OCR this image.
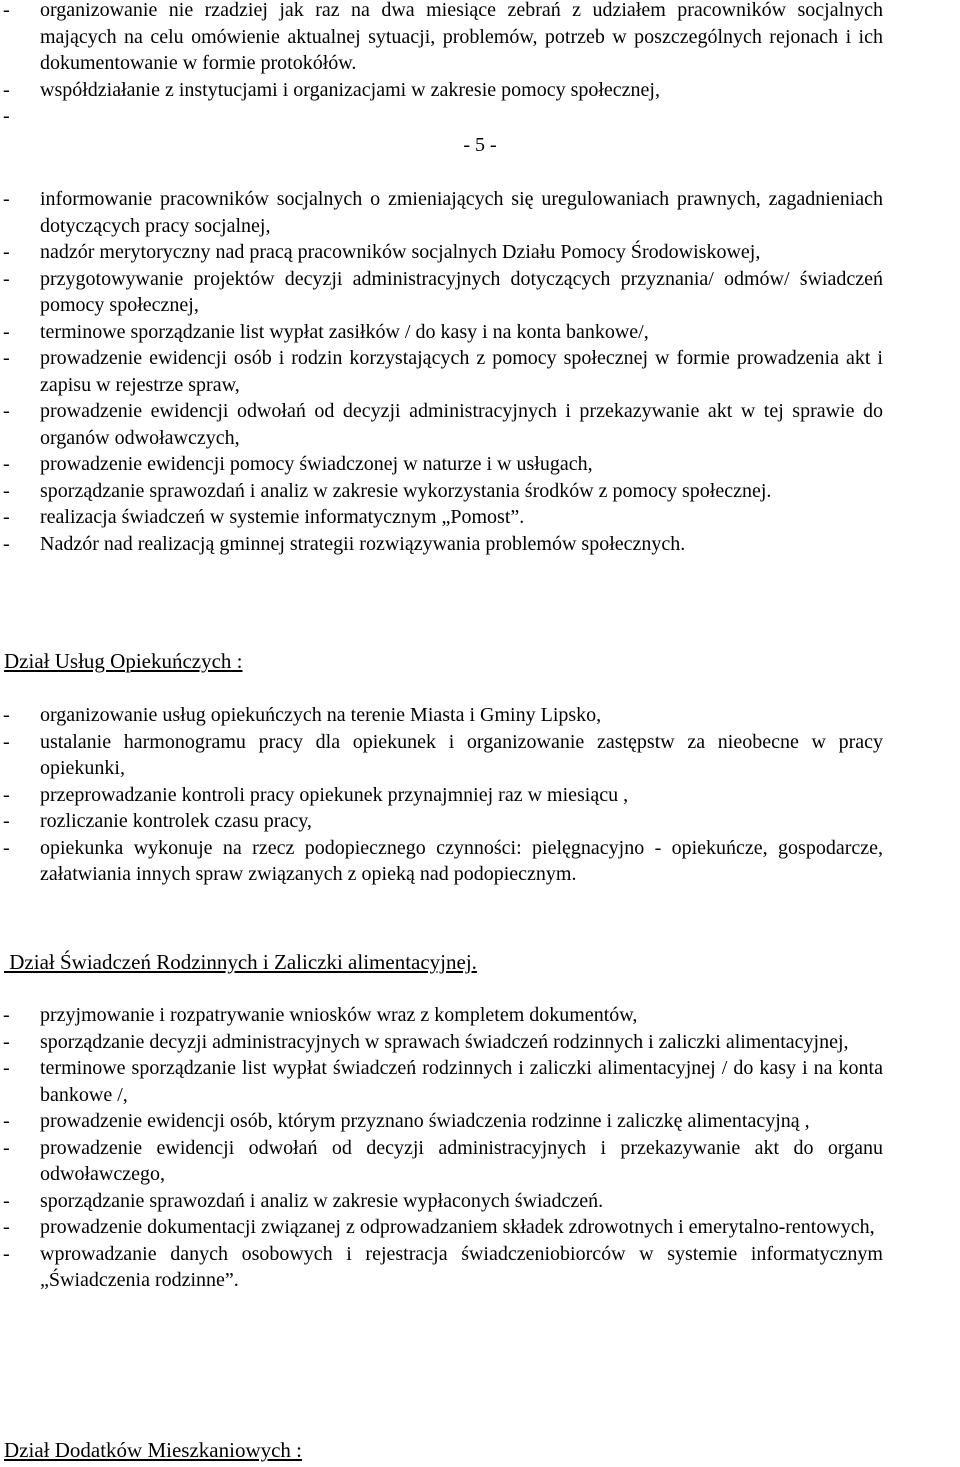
- organizowanie nie rzadziej jak raz na dwa miesiące zebrań z udziałem pracowników socjalnych mających na celu omówienie aktualnej sytuacji, problemów, potrzeb w poszczególnych rejonach i ich dokumentowanie w formie protokółów.
- współdziałanie z instytucjami i organizacjami w zakresie pomocy społecznej,
-

- 5 -
- informowanie pracowników socjalnych o zmieniających się uregulowaniach prawnych, zagadnieniach dotyczących pracy socjalnej,
- nadzór merytoryczny nad pracą pracowników socjalnych Działu Pomocy Środowiskowej,
- przygotowywanie projektów decyzji administracyjnych dotyczących przyznania/ odmów/ świadczeń pomocy społecznej,
- terminowe sporządzanie list wypłat zasiłków / do kasy i na konta bankowe/,
- prowadzenie ewidencji osób i rodzin korzystających z pomocy społecznej w formie prowadzenia akt i zapisu w rejestrze spraw,
- prowadzenie ewidencji odwołań od decyzji administracyjnych i przekazywanie akt w tej sprawie do organów odwoławczych,
- prowadzenie ewidencji pomocy świadczonej w naturze i w usługach,
- sporządzanie sprawozdań i analiz w zakresie wykorzystania środków z pomocy społecznej.
- realizacja świadczeń w systemie informatycznym „Pomost”.
- Nadzór nad realizacją gminnej strategii rozwiązywania problemów społecznych.
Dział Usług Opiekuńczych :
- organizowanie usług opiekuńczych na terenie Miasta i Gminy Lipsko,
- ustalanie harmonogramu pracy dla opiekunek i organizowanie zastępstw za nieobecne w pracy opiekunki,
- przeprowadzanie kontroli pracy opiekunek przynajmniej raz w miesiącu ,
- rozliczanie kontrolek czasu pracy,
- opiekunka wykonuje na rzecz podopiecznego czynności: pielęgnacyjno - opiekuńcze, gospodarcze, załatwiania innych spraw związanych z opieką nad podopiecznym.
Dział Świadczeń Rodzinnych i Zaliczki alimentacyjnej.
- przyjmowanie i rozpatrywanie wniosków wraz z kompletem dokumentów,
- sporządzanie decyzji administracyjnych w sprawach świadczeń rodzinnych i zaliczki alimentacyjnej,
- terminowe sporządzanie list wypłat świadczeń rodzinnych i zaliczki alimentacyjnej / do kasy i na konta bankowe /,
- prowadzenie ewidencji osób, którym przyznano świadczenia rodzinne i zaliczkę alimentacyjną ,
- prowadzenie ewidencji odwołań od decyzji administracyjnych i przekazywanie akt do organu odwoławczego,
- sporządzanie sprawozdań i analiz w zakresie wypłaconych świadczeń.
- prowadzenie dokumentacji związanej z odprowadzaniem składek zdrowotnych i emerytalno-rentowych,
- wprowadzanie danych osobowych i rejestracja świadczeniobiorców w systemie informatycznym „Świadczenia rodzinne”.
Dział Dodatków Mieszkaniowych :
